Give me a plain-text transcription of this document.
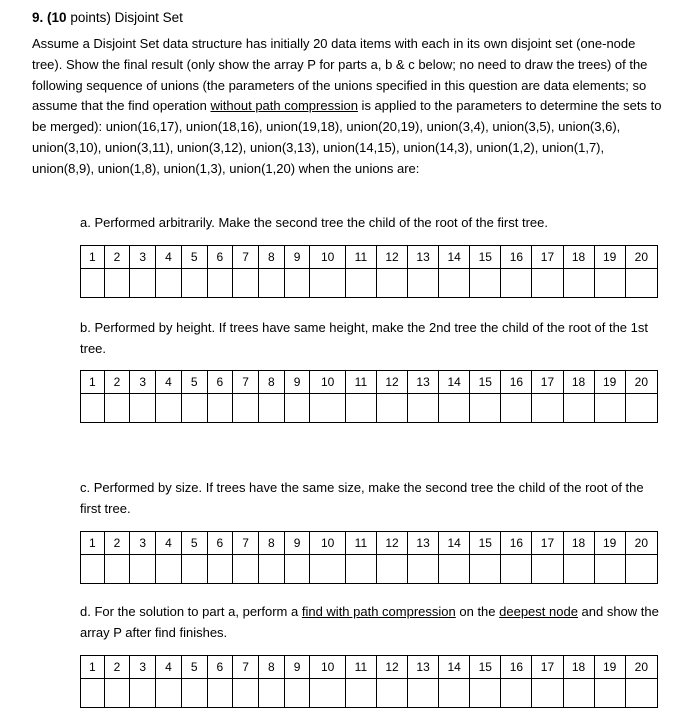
9. (10 points) Disjoint Set
Assume a Disjoint Set data structure has initially 20 data items with each in its own disjoint set (one-node tree). Show the final result (only show the array P for parts a, b & c below; no need to draw the trees) of the following sequence of unions (the parameters of the unions specified in this question are data elements; so assume that the find operation without path compression is applied to the parameters to determine the sets to be merged): union(16,17), union(18,16), union(19,18), union(20,19), union(3,4), union(3,5), union(3,6), union(3,10), union(3,11), union(3,12), union(3,13), union(14,15), union(14,3), union(1,2), union(1,7), union(8,9), union(1,8), union(1,3), union(1,20) when the unions are:
a. Performed arbitrarily. Make the second tree the child of the root of the first tree.
1	2	3	4	5	6	7	8	9	10	11	12	13	14	15	16	17	18	19	20

b. Performed by height. If trees have same height, make the 2nd tree the child of the root of the 1st tree.
1	2	3	4	5	6	7	8	9	10	11	12	13	14	15	16	17	18	19	20

c. Performed by size. If trees have the same size, make the second tree the child of the root of the first tree.
1	2	3	4	5	6	7	8	9	10	11	12	13	14	15	16	17	18	19	20

d. For the solution to part a, perform a find with path compression on the deepest node and show the array P after find finishes.
1	2	3	4	5	6	7	8	9	10	11	12	13	14	15	16	17	18	19	20
